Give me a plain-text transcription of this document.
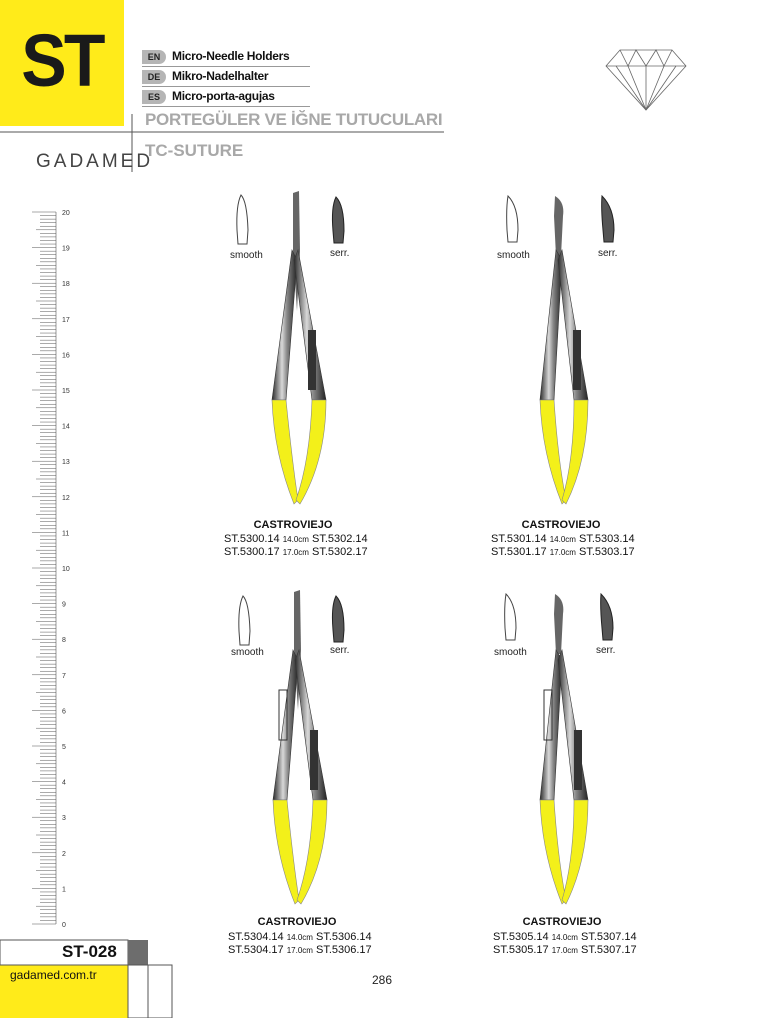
ST	EN Micro-Needle Holders
DE Mikro-Nadelhalter
ES	Micro-porta-agujas
PORTEGÜLER VE İĞNE TUTUCULARI
TC-SUTURE
GADAMED
20
19
18
17
16
15
14
13
12
11
10
9
8
7
6
5
4
3
2
1
0
smooth	serr.	smooth	serr.
smooth	serr.	smooth	serr.
CASTROVIEJO
ST.5300.14 14.0cm ST.5302.14
ST.5300.17 17.0cm ST.5302.17
CASTROVIEJO
ST.5301.14 14.0cm ST.5303.14
ST.5301.17 17.0cm ST.5303.17
CASTROVIEJO
ST.5304.14 14.0cm ST.5306.14
ST.5304.17 17.0cm ST.5306.17
CASTROVIEJO
ST.5305.14 14.0cm ST.5307.14
ST.5305.17 17.0cm ST.5307.17
ST-028
gadamed.com.tr	286
